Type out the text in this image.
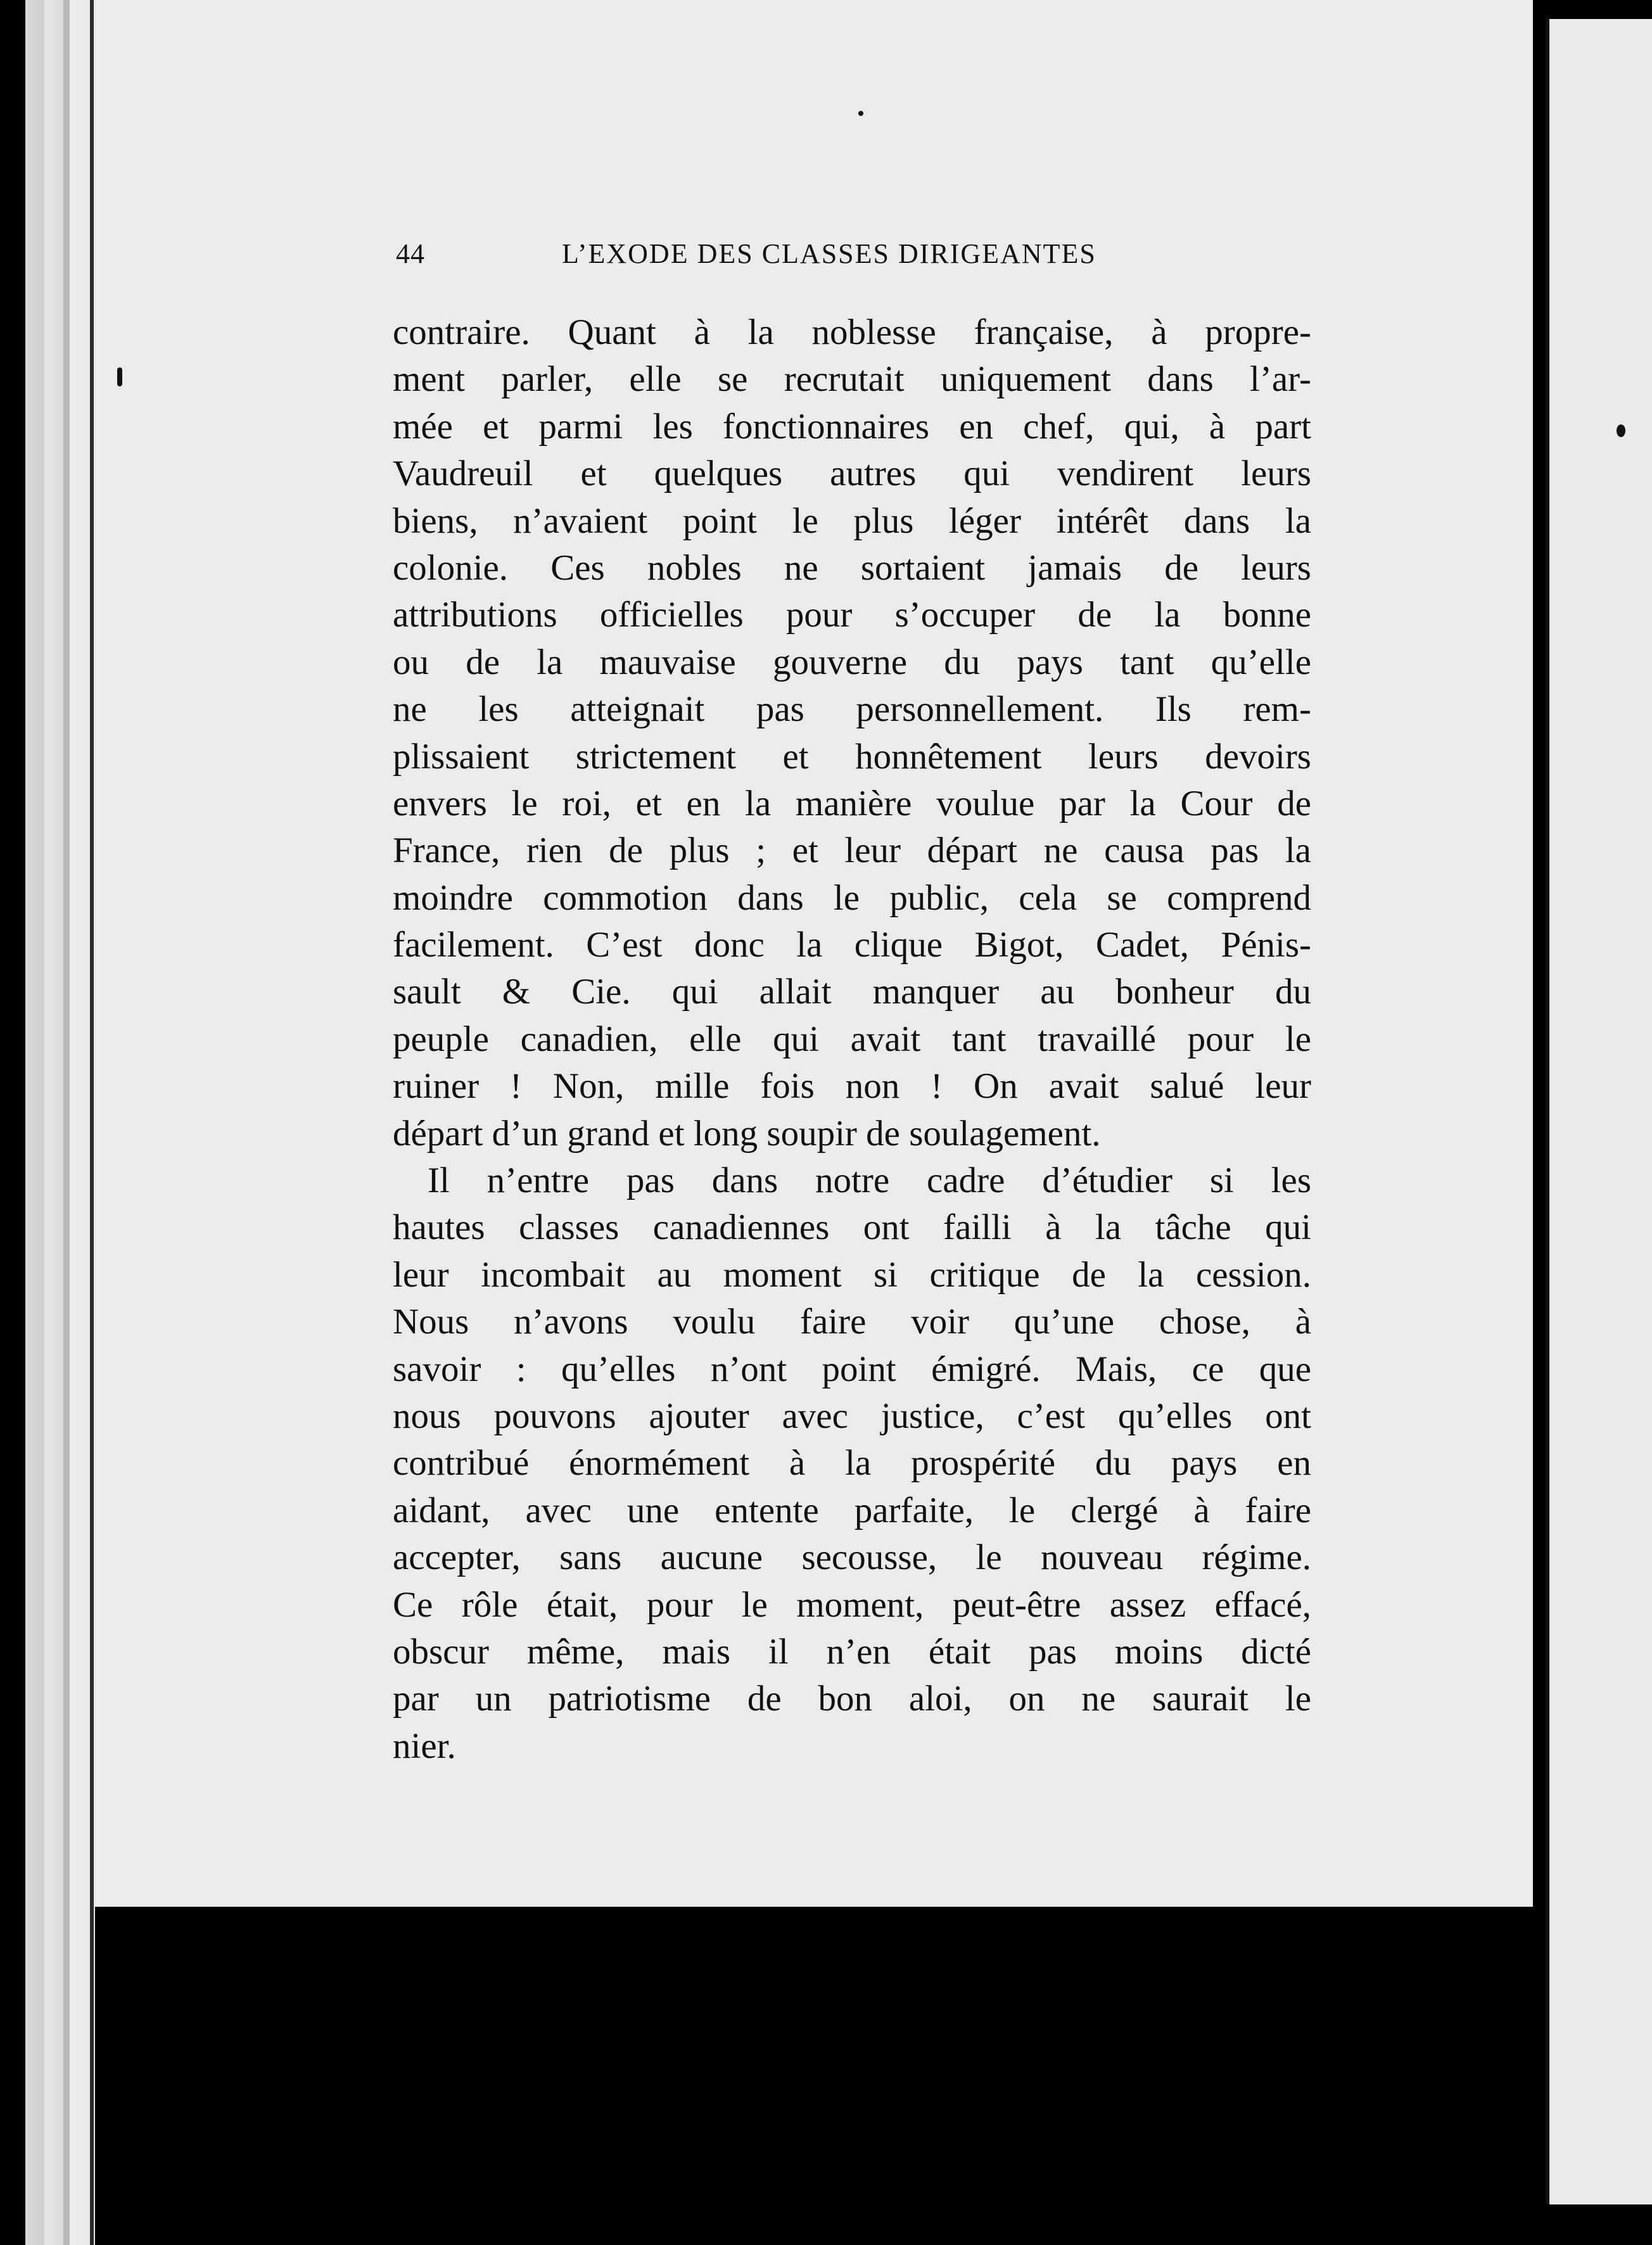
44	L’EXODE DES CLASSES DIRIGEANTES
contraire. Quant à la noblesse française, à propre-
ment parler, elle se recrutait uniquement dans l’ar-
mée et parmi les fonctionnaires en chef, qui, à part
Vaudreuil et quelques autres qui vendirent leurs
biens, n’avaient point le plus léger intérêt dans la
colonie. Ces nobles ne sortaient jamais de leurs
attributions officielles pour s’occuper de la bonne
ou de la mauvaise gouverne du pays tant qu’elle
ne les atteignait pas personnellement. Ils rem-
plissaient strictement et honnêtement leurs devoirs
envers le roi, et en la manière voulue par la Cour de
France, rien de plus ; et leur départ ne causa pas la
moindre commotion dans le public, cela se comprend
facilement. C’est donc la clique Bigot, Cadet, Pénis-
sault & Cie. qui allait manquer au bonheur du
peuple canadien, elle qui avait tant travaillé pour le
ruiner ! Non, mille fois non ! On avait salué leur
départ d’un grand et long soupir de soulagement.
Il n’entre pas dans notre cadre d’étudier si les
hautes classes canadiennes ont failli à la tâche qui
leur incombait au moment si critique de la cession.
Nous n’avons voulu faire voir qu’une chose, à
savoir : qu’elles n’ont point émigré. Mais, ce que
nous pouvons ajouter avec justice, c’est qu’elles ont
contribué énormément à la prospérité du pays en
aidant, avec une entente parfaite, le clergé à faire
accepter, sans aucune secousse, le nouveau régime.
Ce rôle était, pour le moment, peut-être assez effacé,
obscur même, mais il n’en était pas moins dicté
par un patriotisme de bon aloi, on ne saurait le
nier.
